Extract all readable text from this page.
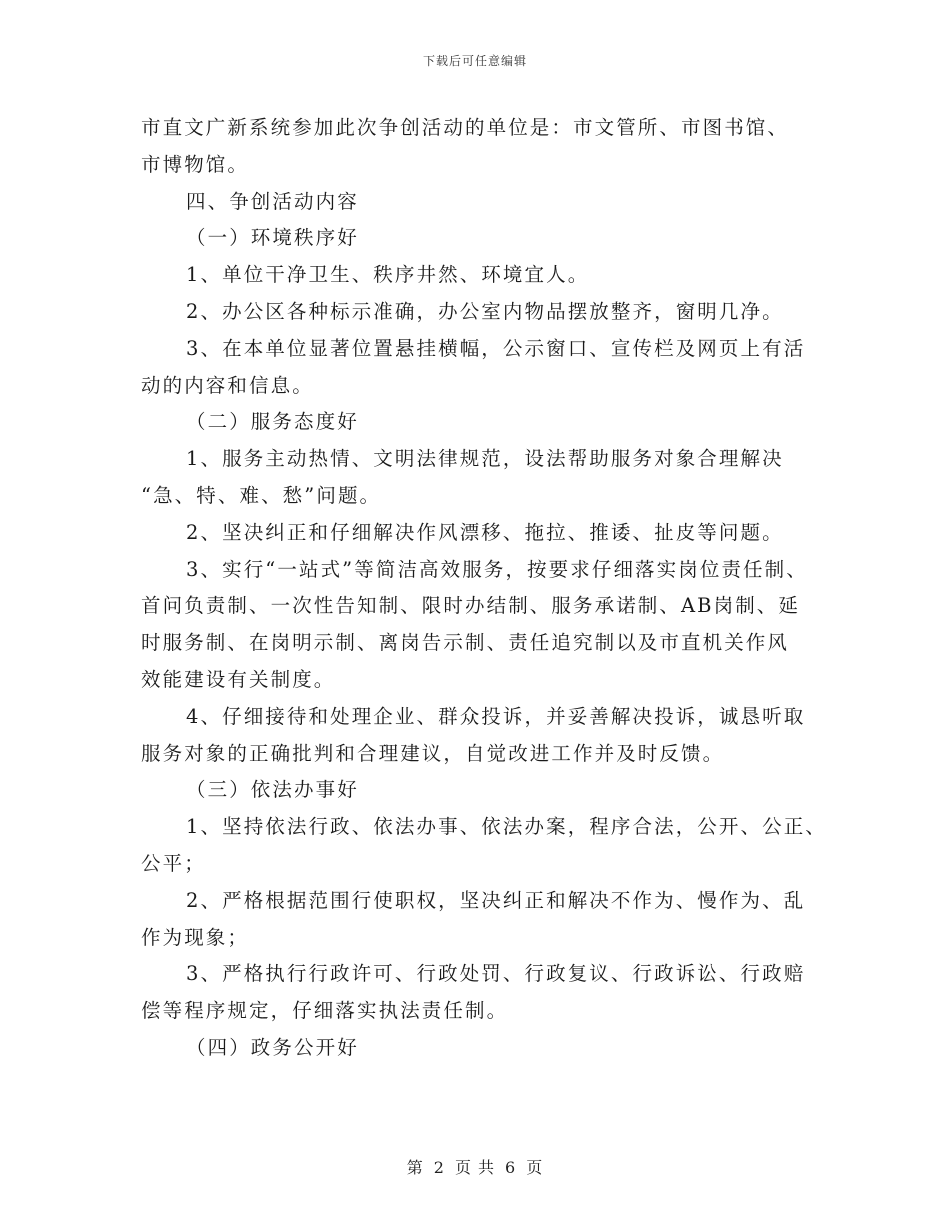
下载后可任意编辑
市直文广新系统参加此次争创活动的单位是：市文管所、市图书馆、
市博物馆。
四、争创活动内容
（一）环境秩序好
1、单位干净卫生、秩序井然、环境宜人。
2、办公区各种标示准确，办公室内物品摆放整齐，窗明几净。
3、在本单位显著位置悬挂横幅，公示窗口、宣传栏及网页上有活
动的内容和信息。
（二）服务态度好
1、服务主动热情、文明法律规范，设法帮助服务对象合理解决
“急、特、难、愁”问题。
2、坚决纠正和仔细解决作风漂移、拖拉、推诿、扯皮等问题。
3、实行“一站式”等简洁高效服务，按要求仔细落实岗位责任制、
首问负责制、一次性告知制、限时办结制、服务承诺制、AB岗制、延
时服务制、在岗明示制、离岗告示制、责任追究制以及市直机关作风
效能建设有关制度。
4、仔细接待和处理企业、群众投诉，并妥善解决投诉，诚恳听取
服务对象的正确批判和合理建议，自觉改进工作并及时反馈。
（三）依法办事好
1、坚持依法行政、依法办事、依法办案，程序合法，公开、公正、
公平；
2、严格根据范围行使职权，坚决纠正和解决不作为、慢作为、乱
作为现象；
3、严格执行行政许可、行政处罚、行政复议、行政诉讼、行政赔
偿等程序规定，仔细落实执法责任制。
（四）政务公开好
第 2 页 共 6 页
